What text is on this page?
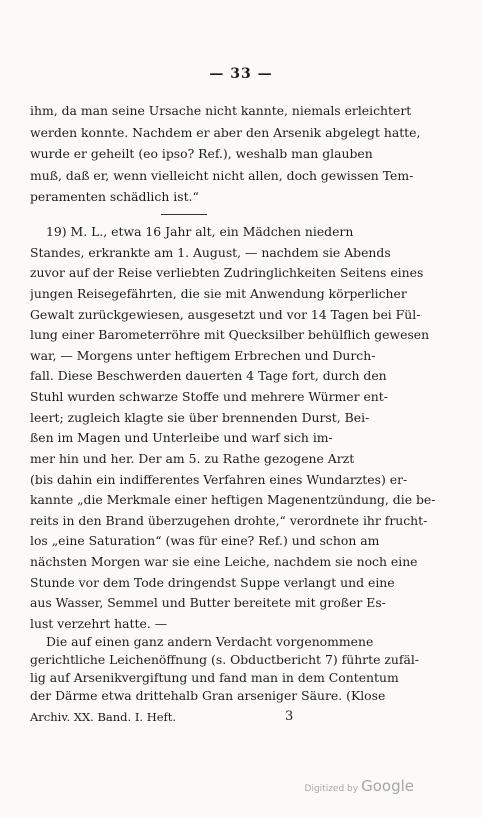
— 33 —
ihm, da man seine Ursache nicht kannte, niemals erleichtert
werden konnte. Nachdem er aber den Arsenik abgelegt hatte,
wurde er geheilt (eo ipso? Ref.), weshalb man glauben
muß, daß er, wenn vielleicht nicht allen, doch gewissen Tem-
peramenten schädlich ist.“
19) M. L., etwa 16 Jahr alt, ein Mädchen niedern
Standes, erkrankte am 1. August, — nachdem sie Abends
zuvor auf der Reise verliebten Zudringlichkeiten Seitens eines
jungen Reisegefährten, die sie mit Anwendung körperlicher
Gewalt zurückgewiesen, ausgesetzt und vor 14 Tagen bei Fül-
lung einer Barometerröhre mit Quecksilber behülflich gewesen
war, — Morgens unter heftigem Erbrechen und Durch-
fall. Diese Beschwerden dauerten 4 Tage fort, durch den
Stuhl wurden schwarze Stoffe und mehrere Würmer ent-
leert; zugleich klagte sie über brennenden Durst, Bei-
ßen im Magen und Unterleibe und warf sich im-
mer hin und her. Der am 5. zu Rathe gezogene Arzt
(bis dahin ein indifferentes Verfahren eines Wundarztes) er-
kannte „die Merkmale einer heftigen Magenentzündung, die be-
reits in den Brand überzugehen drohte,“ verordnete ihr frucht-
los „eine Saturation“ (was für eine? Ref.) und schon am
nächsten Morgen war sie eine Leiche, nachdem sie noch eine
Stunde vor dem Tode dringendst Suppe verlangt und eine
aus Wasser, Semmel und Butter bereitete mit großer Es-
lust verzehrt hatte. —
Die auf einen ganz andern Verdacht vorgenommene
gerichtliche Leichenöffnung (s. Obductbericht 7) führte zufäl-
lig auf Arsenikvergiftung und fand man in dem Contentum
der Därme etwa drittehalb Gran arseniger Säure. (Klose
Archiv. XX. Band. I. Heft.	3
Digitized by Google
